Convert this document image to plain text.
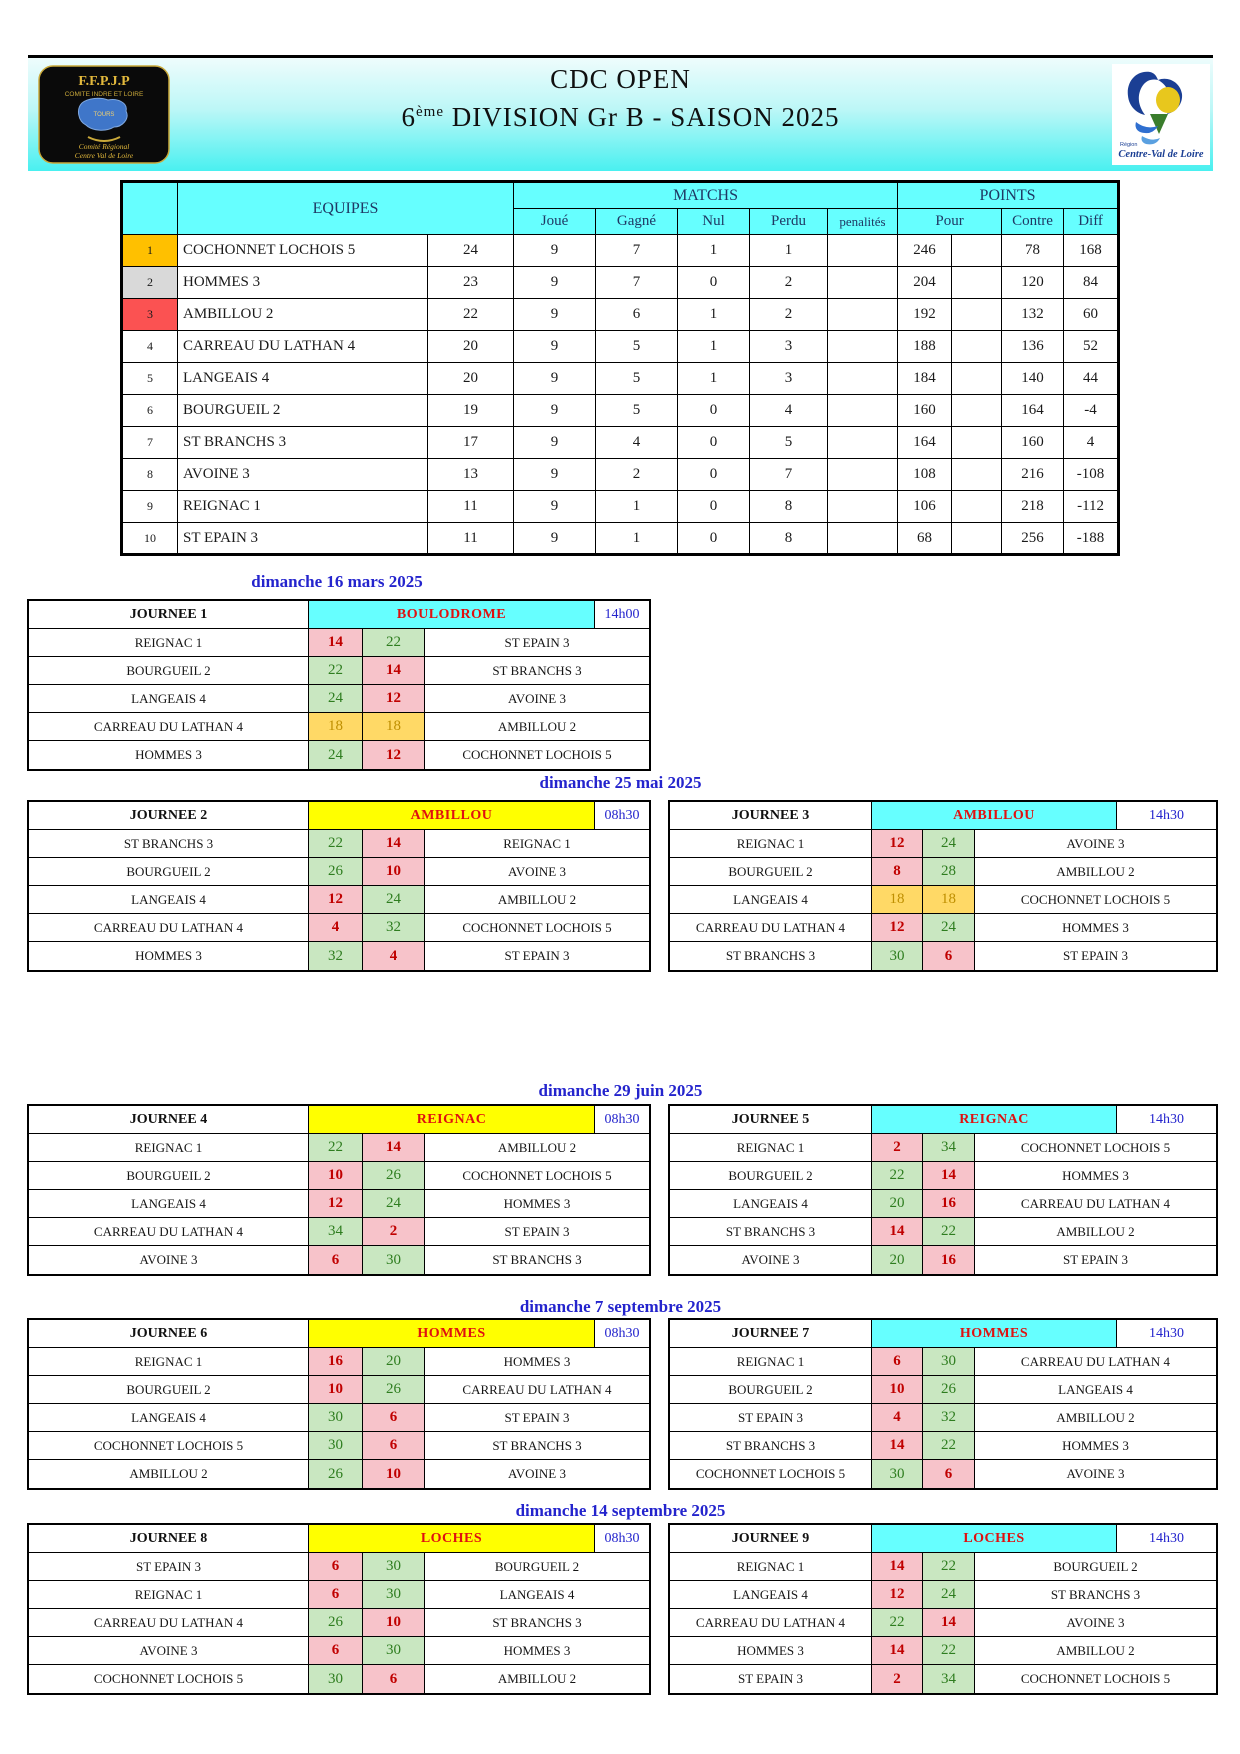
F.F.P.J.P
COMITE INDRE ET LOIRE
TOURS
Comité Régional
Centre Val de Loire
CDC OPEN
6ème DIVISION Gr B - SAISON 2025
Région
Centre-Val de Loire
	EQUIPES		MATCHS					POINTS			
			Joué	Gagné	Nul	Perdu	penalités	Pour		Contre	Diff
1	COCHONNET LOCHOIS 5	24	9	7	1	1		246		78	168
2	HOMMES 3	23	9	7	0	2		204		120	84
3	AMBILLOU 2	22	9	6	1	2		192		132	60
4	CARREAU DU LATHAN 4	20	9	5	1	3		188		136	52
5	LANGEAIS 4	20	9	5	1	3		184		140	44
6	BOURGUEIL 2	19	9	5	0	4		160		164	-4
7	ST BRANCHS 3	17	9	4	0	5		164		160	4
8	AVOINE 3	13	9	2	0	7		108		216	-108
9	REIGNAC 1	11	9	1	0	8		106		218	-112
10	ST EPAIN 3	11	9	1	0	8		68		256	-188
dimanche 16 mars 2025
JOURNEE 1	BOULODROME	14h00
REIGNAC 1	14	22	ST EPAIN 3
BOURGUEIL 2	22	14	ST BRANCHS 3
LANGEAIS 4	24	12	AVOINE 3
CARREAU DU LATHAN 4	18	18	AMBILLOU 2
HOMMES 3	24	12	COCHONNET LOCHOIS 5
dimanche 25 mai 2025
JOURNEE 2	AMBILLOU	08h30
ST BRANCHS 3	22	14	REIGNAC 1
BOURGUEIL 2	26	10	AVOINE 3
LANGEAIS 4	12	24	AMBILLOU 2
CARREAU DU LATHAN 4	4	32	COCHONNET LOCHOIS 5
HOMMES 3	32	4	ST EPAIN 3
JOURNEE 3	AMBILLOU	14h30
REIGNAC 1	12	24	AVOINE 3
BOURGUEIL 2	8	28	AMBILLOU 2
LANGEAIS 4	18	18	COCHONNET LOCHOIS 5
CARREAU DU LATHAN 4	12	24	HOMMES 3
ST BRANCHS 3	30	6	ST EPAIN 3
dimanche 29 juin 2025
JOURNEE 4	REIGNAC	08h30
REIGNAC 1	22	14	AMBILLOU 2
BOURGUEIL 2	10	26	COCHONNET LOCHOIS 5
LANGEAIS 4	12	24	HOMMES 3
CARREAU DU LATHAN 4	34	2	ST EPAIN 3
AVOINE 3	6	30	ST BRANCHS 3
JOURNEE 5	REIGNAC	14h30
REIGNAC 1	2	34	COCHONNET LOCHOIS 5
BOURGUEIL 2	22	14	HOMMES 3
LANGEAIS 4	20	16	CARREAU DU LATHAN 4
ST BRANCHS 3	14	22	AMBILLOU 2
AVOINE 3	20	16	ST EPAIN 3
dimanche 7 septembre 2025
JOURNEE 6	HOMMES	08h30
REIGNAC 1	16	20	HOMMES 3
BOURGUEIL 2	10	26	CARREAU DU LATHAN 4
LANGEAIS 4	30	6	ST EPAIN 3
COCHONNET LOCHOIS 5	30	6	ST BRANCHS 3
AMBILLOU 2	26	10	AVOINE 3
JOURNEE 7	HOMMES	14h30
REIGNAC 1	6	30	CARREAU DU LATHAN 4
BOURGUEIL 2	10	26	LANGEAIS 4
ST EPAIN 3	4	32	AMBILLOU 2
ST BRANCHS 3	14	22	HOMMES 3
COCHONNET LOCHOIS 5	30	6	AVOINE 3
dimanche 14 septembre 2025
JOURNEE 8	LOCHES	08h30
ST EPAIN 3	6	30	BOURGUEIL 2
REIGNAC 1	6	30	LANGEAIS 4
CARREAU DU LATHAN 4	26	10	ST BRANCHS 3
AVOINE 3	6	30	HOMMES 3
COCHONNET LOCHOIS 5	30	6	AMBILLOU 2
JOURNEE 9	LOCHES	14h30
REIGNAC 1	14	22	BOURGUEIL 2
LANGEAIS 4	12	24	ST BRANCHS 3
CARREAU DU LATHAN 4	22	14	AVOINE 3
HOMMES 3	14	22	AMBILLOU 2
ST EPAIN 3	2	34	COCHONNET LOCHOIS 5
